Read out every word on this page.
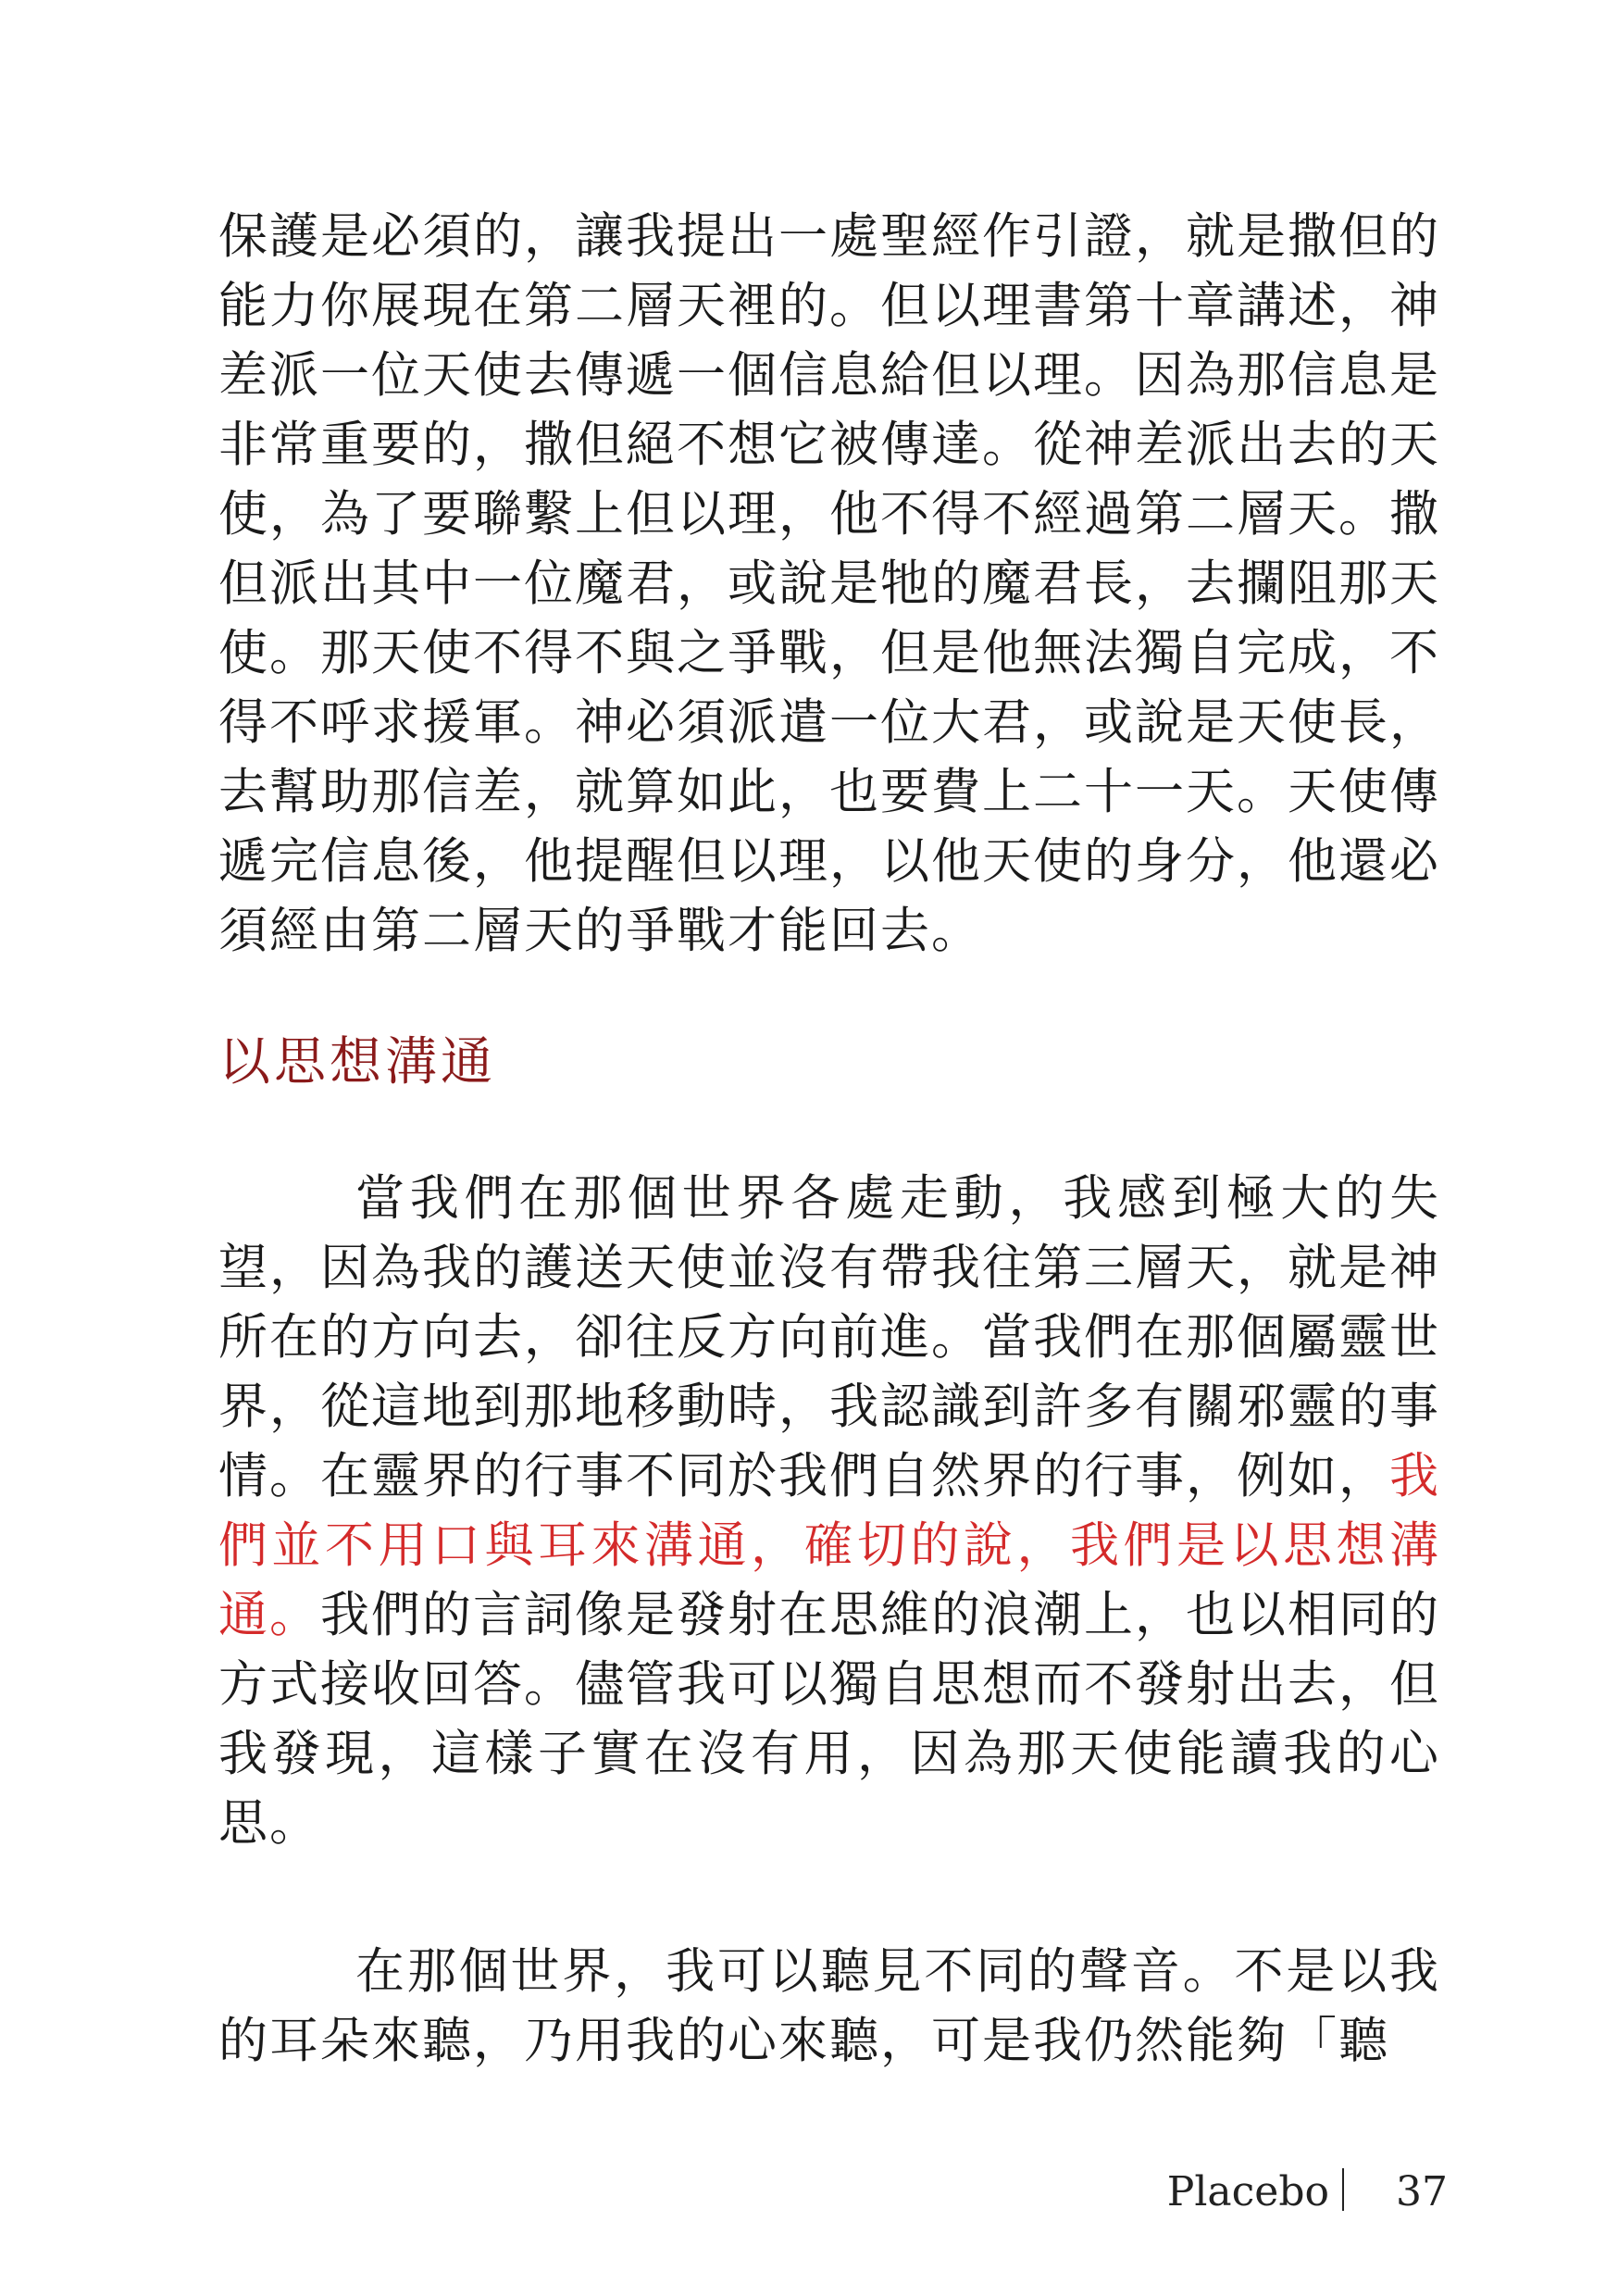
保護是必須的，讓我提出一處聖經作引證，就是撒但的能力你展現在第二層天裡的。但以理書第十章講述，神差派一位天使去傳遞一個信息給但以理。因為那信息是非常重要的，撒但絕不想它被傳達。從神差派出去的天使，為了要聯繫上但以理，他不得不經過第二層天。撒但派出其中一位魔君，或說是牠的魔君長，去攔阻那天使。那天使不得不與之爭戰，但是他無法獨自完成，不得不呼求援軍。神必須派遣一位大君，或說是天使長，去幫助那信差，就算如此，也要費上二十一天。天使傳遞完信息後，他提醒但以理，以他天使的身分，他還必須經由第二層天的爭戰才能回去。

以思想溝通

當我們在那個世界各處走動，我感到極大的失望，因為我的護送天使並沒有帶我往第三層天，就是神所在的方向去，卻往反方向前進。當我們在那個屬靈世界，從這地到那地移動時，我認識到許多有關邪靈的事情。在靈界的行事不同於我們自然界的行事，例如，我們並不用口與耳來溝通，確切的說，我們是以思想溝通。我們的言詞像是發射在思維的浪潮上，也以相同的方式接收回答。儘管我可以獨自思想而不發射出去，但我發現，這樣子實在沒有用，因為那天使能讀我的心思。

在那個世界，我可以聽見不同的聲音。不是以我的耳朵來聽，乃用我的心來聽，可是我仍然能夠「聽

Placebo 37
